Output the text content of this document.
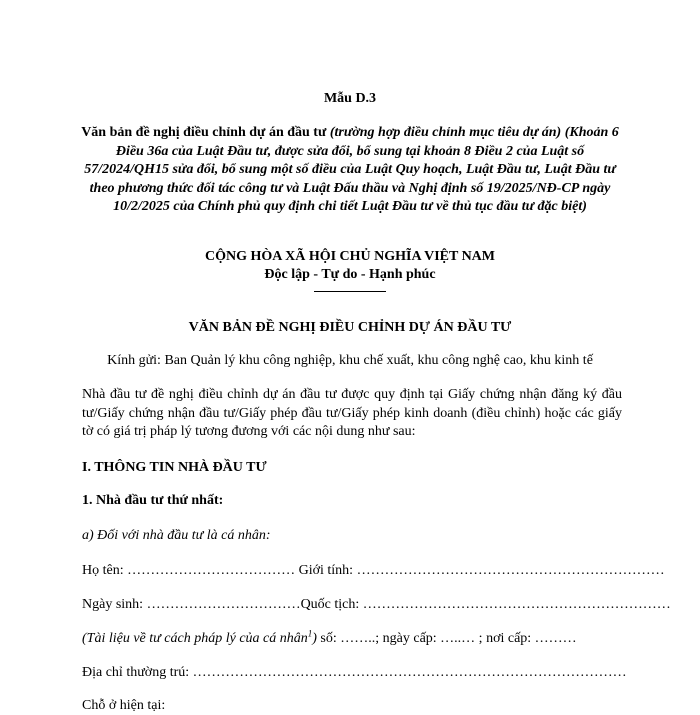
Mẫu D.3
Văn bản đề nghị điều chỉnh dự án đầu tư (trường hợp điều chỉnh mục tiêu dự án) (Khoản 6 Điều 36a của Luật Đầu tư, được sửa đổi, bổ sung tại khoản 8 Điều 2 của Luật số 57/2024/QH15 sửa đổi, bổ sung một số điều của Luật Quy hoạch, Luật Đầu tư, Luật Đầu tư theo phương thức đối tác công tư và Luật Đấu thầu và Nghị định số 19/2025/NĐ-CP ngày 10/2/2025 của Chính phủ quy định chi tiết Luật Đầu tư về thủ tục đầu tư đặc biệt)
CỘNG HÒA XÃ HỘI CHỦ NGHĨA VIỆT NAM
Độc lập - Tự do - Hạnh phúc
VĂN BẢN ĐỀ NGHỊ ĐIỀU CHỈNH DỰ ÁN ĐẦU TƯ
Kính gửi: Ban Quản lý khu công nghiệp, khu chế xuất, khu công nghệ cao, khu kinh tế
Nhà đầu tư đề nghị điều chỉnh dự án đầu tư được quy định tại Giấy chứng nhận đăng ký đầu tư/Giấy chứng nhận đầu tư/Giấy phép đầu tư/Giấy phép kinh doanh (điều chỉnh) hoặc các giấy tờ có giá trị pháp lý tương đương với các nội dung như sau:
I. THÔNG TIN NHÀ ĐẦU TƯ
1. Nhà đầu tư thứ nhất:
a) Đối với nhà đầu tư là cá nhân:
Họ tên: ……………………………… Giới tính: …………………………………………………………
Ngày sinh: ……………………………Quốc tịch: …………………………………………………………
(Tài liệu về tư cách pháp lý của cá nhân$^1$) số: ……..; ngày cấp: …..… ; nơi cấp: ………
Địa chỉ thường trú: …………………………………………………………………………………
Chỗ ở hiện tại:
